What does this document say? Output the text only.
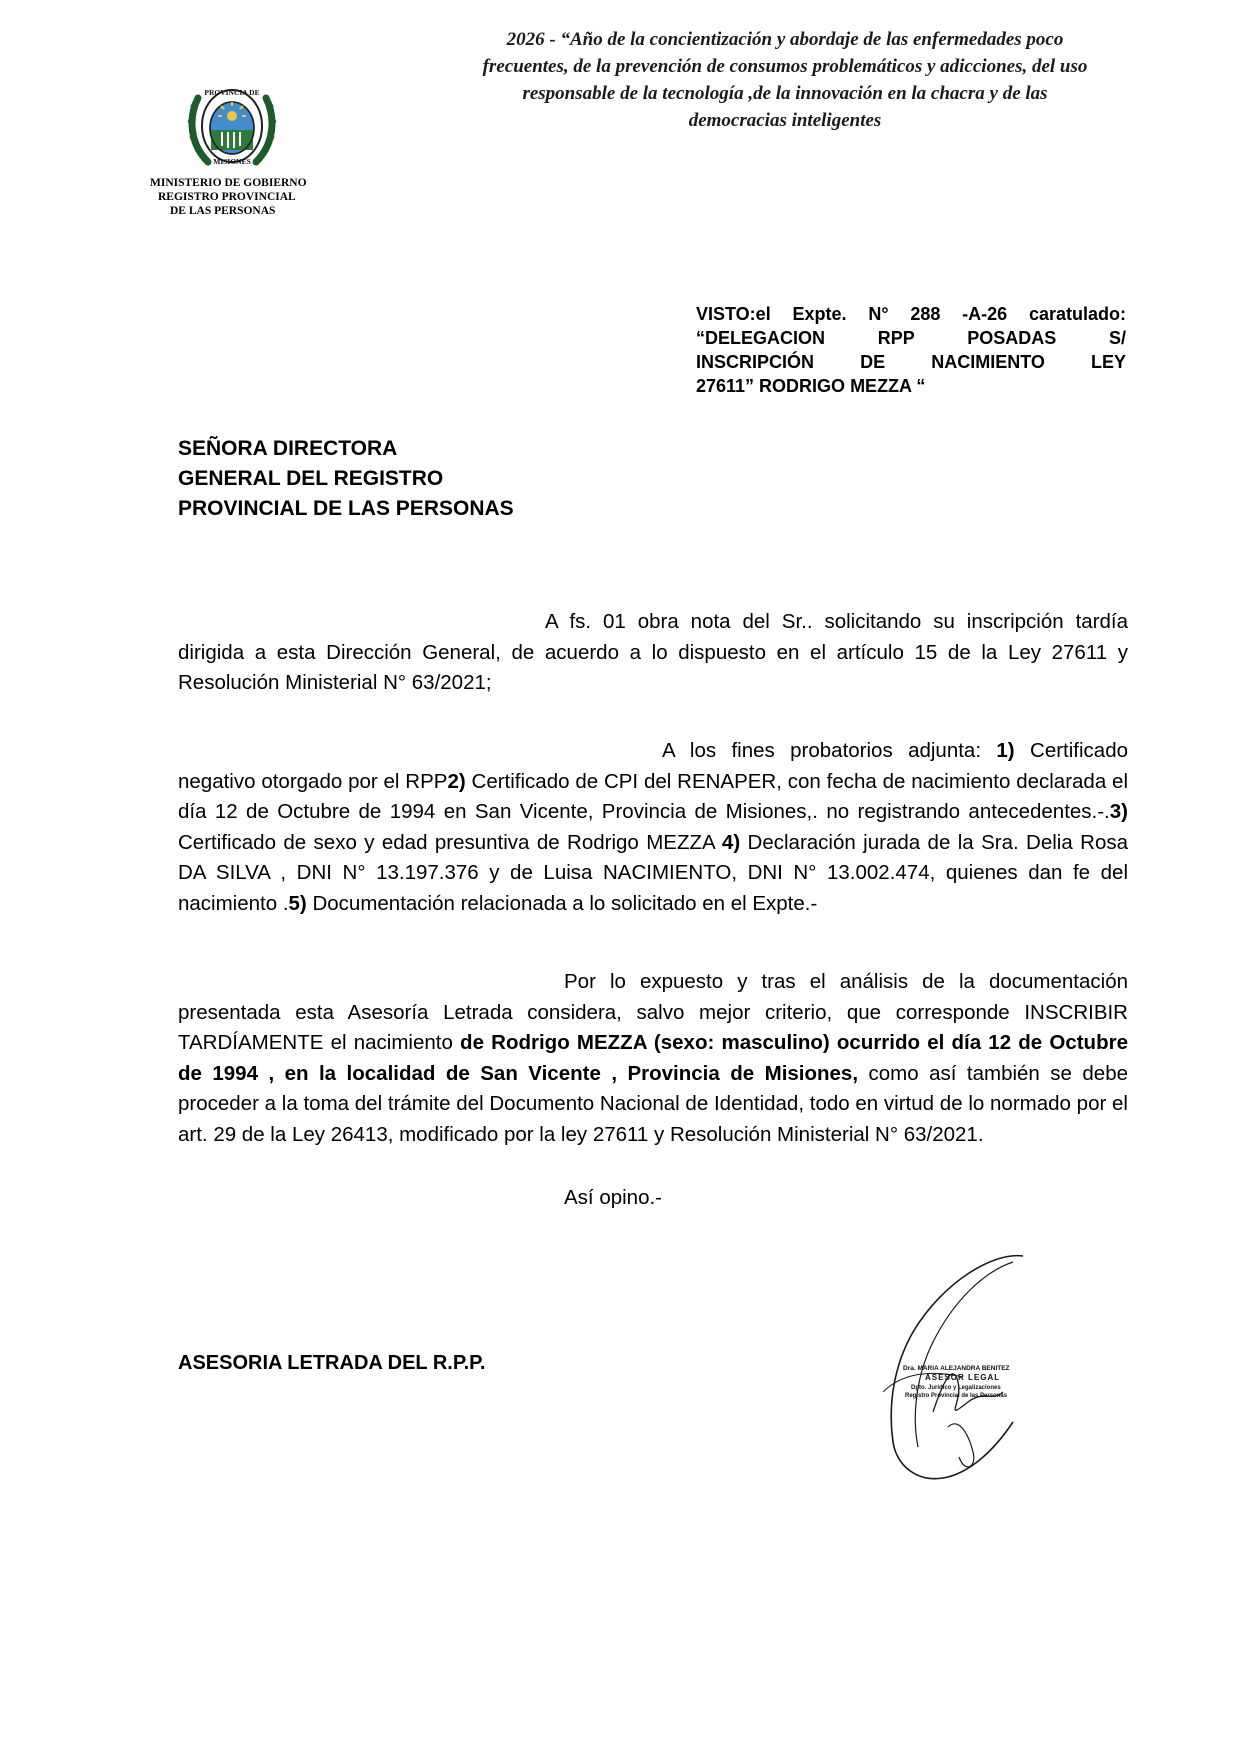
PROVINCIA DE
MISIONES
MINISTERIO DE GOBIERNO
REGISTRO PROVINCIAL
DE LAS PERSONAS
2026 - “Año de la concientización y abordaje de las enfermedades poco
frecuentes, de la prevención de consumos problemáticos y adicciones, del uso
responsable de la tecnología ,de la innovación en la chacra y de las
democracias inteligentes
VISTO:el Expte. N° 288 -A-26 caratulado:
“DELEGACION RPP POSADAS S/
INSCRIPCIÓN DE NACIMIENTO LEY
27611” RODRIGO MEZZA “
SEÑORA DIRECTORA
GENERAL DEL REGISTRO
PROVINCIAL DE LAS PERSONAS
A fs. 01 obra nota del Sr.. solicitando su inscripción tardía dirigida a esta Dirección General, de acuerdo a lo dispuesto en el artículo 15 de la Ley 27611 y Resolución Ministerial N° 63/2021;
A los fines probatorios adjunta: 1) Certificado negativo otorgado por el RPP2) Certificado de CPI del RENAPER, con fecha de nacimiento declarada el día 12 de Octubre de 1994 en San Vicente, Provincia de Misiones,. no registrando antecedentes.-.3) Certificado de sexo y edad presuntiva de Rodrigo MEZZA 4) Declaración jurada de la Sra. Delia Rosa DA SILVA , DNI N° 13.197.376 y de Luisa NACIMIENTO, DNI N° 13.002.474, quienes dan fe del nacimiento .5) Documentación relacionada a lo solicitado en el Expte.-
Por lo expuesto y tras el análisis de la documentación presentada esta Asesoría Letrada considera, salvo mejor criterio, que corresponde INSCRIBIR TARDÍAMENTE el nacimiento de Rodrigo MEZZA (sexo: masculino) ocurrido el día 12 de Octubre de 1994 , en la localidad de San Vicente , Provincia de Misiones, como así también se debe proceder a la toma del trámite del Documento Nacional de Identidad, todo en virtud de lo normado por el art. 29 de la Ley 26413, modificado por la ley 27611 y Resolución Ministerial N° 63/2021.
Así opino.-
ASESORIA LETRADA DEL R.P.P.	Dra. MARIA ALEJANDRA BENITEZ
ASESOR LEGAL
Dpto. Jurídico y Legalizaciones
Registro Provincial de las Personas
